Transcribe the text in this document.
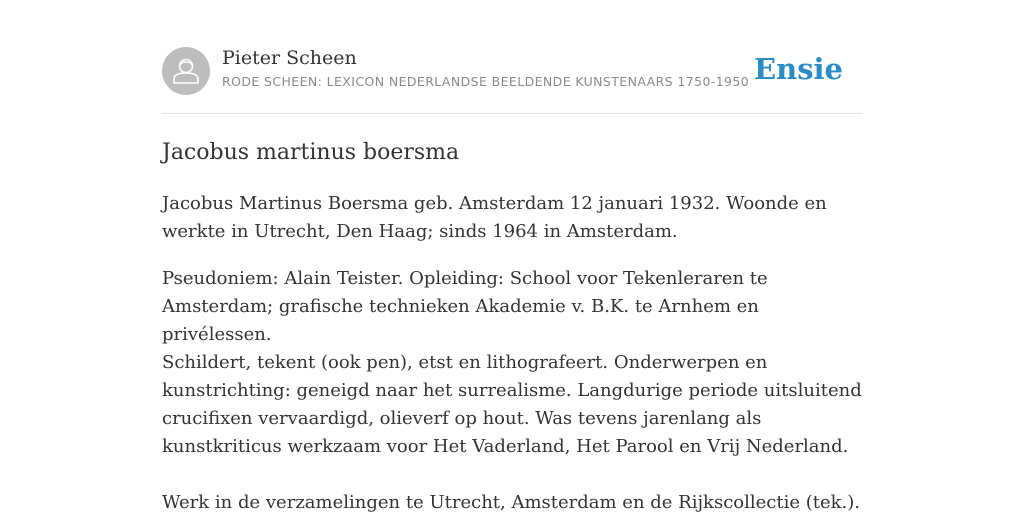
Pieter Scheen
RODE SCHEEN: LEXICON NEDERLANDSE BEELDENDE KUNSTENAARS 1750-1950 Ensie
Jacobus martinus boersma

Jacobus Martinus Boersma geb. Amsterdam 12 januari 1932. Woonde en werkte in Utrecht, Den Haag; sinds 1964 in Amsterdam.

Pseudoniem: Alain Teister. Opleiding: School voor Tekenleraren te Amsterdam; grafische technieken Akademie v. B.K. te Arnhem en privélessen.

Schildert, tekent (ook pen), etst en lithografeert. Onderwerpen en kunstrichting: geneigd naar het surrealisme. Langdurige periode uitsluitend crucifixen vervaardigd, olieverf op hout. Was tevens jarenlang als kunstkriticus werkzaam voor Het Vaderland, Het Parool en Vrij Nederland.

Werk in de verzamelingen te Utrecht, Amsterdam en de Rijkscollectie (tek.).
